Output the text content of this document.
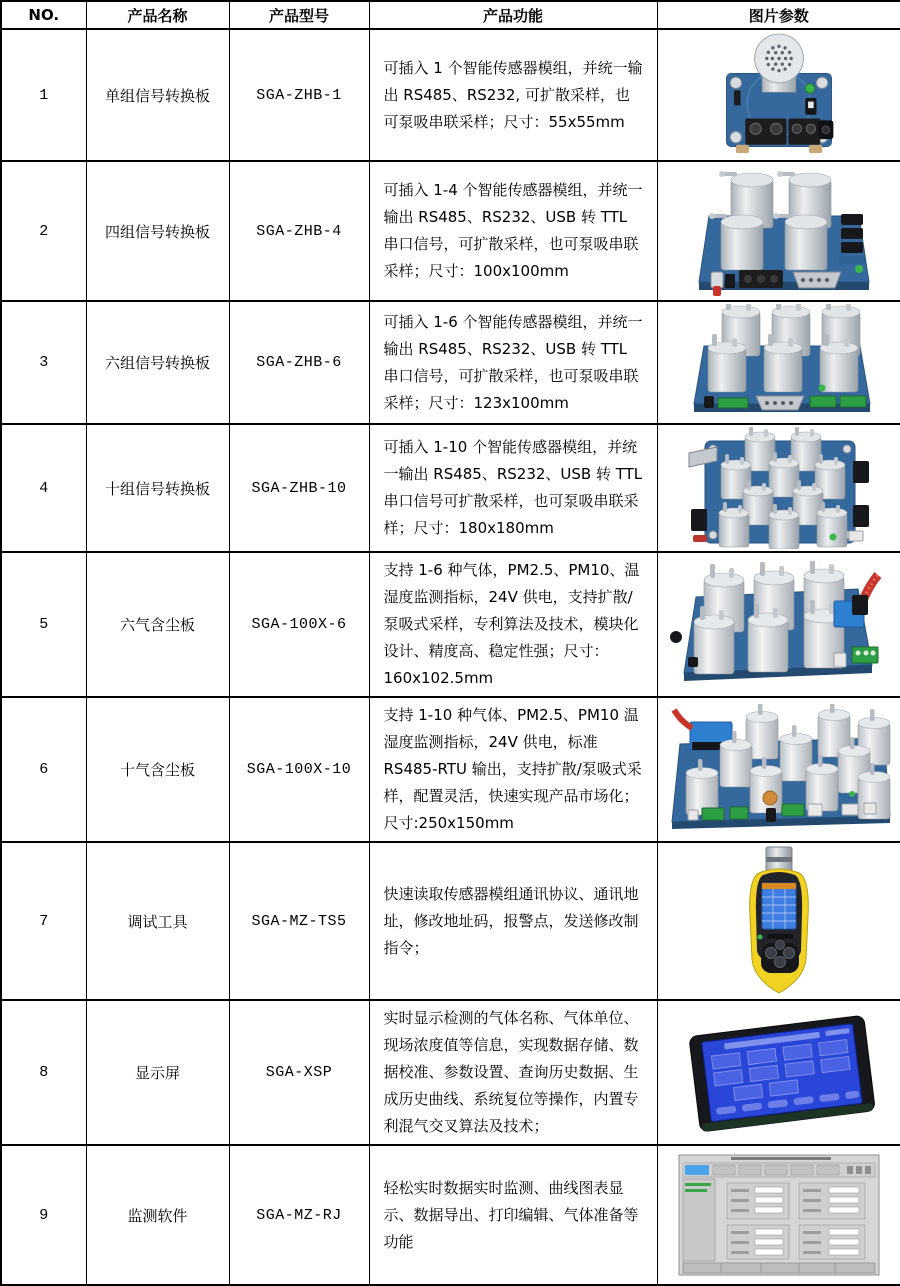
NO.	产品名称	产品型号	产品功能	图片参数
1	单组信号转换板	SGA-ZHB-1	可插入 1 个智能传感器模组，并统一输出 RS485、RS232, 可扩散采样，也可泵吸串联采样；尺寸：55x55mm

2	四组信号转换板	SGA-ZHB-4	可插入 1-4 个智能传感器模组，并统一输出 RS485、RS232、USB 转 TTL 串口信号，可扩散采样，也可泵吸串联采样；尺寸：100x100mm

3	六组信号转换板	SGA-ZHB-6	可插入 1-6 个智能传感器模组，并统一输出 RS485、RS232、USB 转 TTL 串口信号，可扩散采样，也可泵吸串联采样；尺寸：123x100mm

4	十组信号转换板	SGA-ZHB-10	可插入 1-10 个智能传感器模组，并统一输出 RS485、RS232、USB 转 TTL 串口信号可扩散采样，也可泵吸串联采样；尺寸：180x180mm

5	六气含尘板	SGA-100X-6	支持 1-6 种气体，PM2.5、PM10、温湿度监测指标，24V 供电，支持扩散/泵吸式采样，专利算法及技术，模块化设计、精度高、稳定性强；尺寸：160x102.5mm

6	十气含尘板	SGA-100X-10	支持 1-10 种气体、PM2.5、PM10 温湿度监测指标，24V 供电，标准 RS485-RTU 输出，支持扩散/泵吸式采样，配置灵活，快速实现产品市场化；尺寸:250x150mm

7	调试工具	SGA-MZ-TS5	快速读取传感器模组通讯协议、通讯地址，修改地址码，报警点，发送修改制指令；

8	显示屏	SGA-XSP	实时显示检测的气体名称、气体单位、现场浓度值等信息，实现数据存储、数据校准、参数设置、查询历史数据、生成历史曲线、系统复位等操作，内置专利混气交叉算法及技术；

9	监测软件	SGA-MZ-RJ	轻松实时数据实时监测、曲线图表显示、数据导出、打印编辑、气体准备等功能
